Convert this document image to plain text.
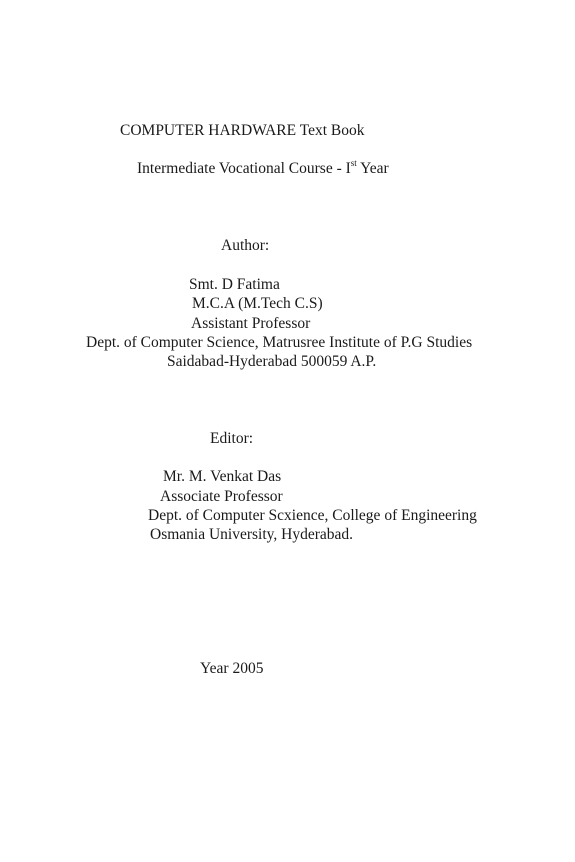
COMPUTER HARDWARE Text Book
Intermediate Vocational Course - Ist Year
Author:
Smt. D Fatima
M.C.A (M.Tech C.S)
Assistant Professor
Dept. of Computer Science, Matrusree Institute of P.G Studies
Saidabad-Hyderabad 500059 A.P.
Editor:
Mr. M. Venkat Das
Associate Professor
Dept. of Computer Scxience, College of Engineering
Osmania University, Hyderabad.
Year 2005
